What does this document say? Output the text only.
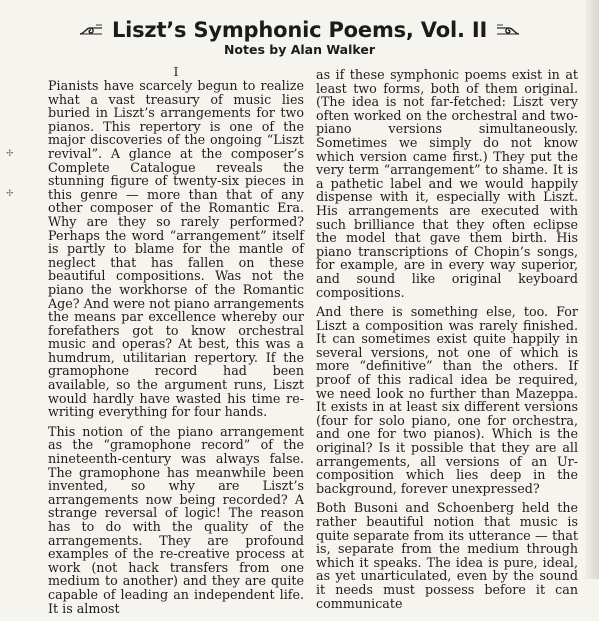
Liszt’s Symphonic Poems, Vol. II
Notes by Alan Walker
I

Pianists have scarcely begun to realize what a vast treasury of music lies buried in Liszt’s arrangements for two pianos. This repertory is one of the major discoveries of the ongoing “Liszt revival”. A glance at the composer’s Complete Catalogue reveals the stunning figure of twenty-six pieces in this genre — more than that of any other composer of the Romantic Era. Why are they so rarely performed? Perhaps the word “arrangement” itself is partly to blame for the mantle of neglect that has fallen on these beautiful compositions. Was not the piano the workhorse of the Romantic Age? And were not piano arrangements the means par excellence whereby our forefathers got to know orchestral music and operas? At best, this was a humdrum, utilitarian repertory. If the gramophone record had been available, so the argument runs, Liszt would hardly have wasted his time re-writing everything for four hands.

This notion of the piano arrangement as the “gramophone record” of the nineteenth-century was always false. The gramophone has meanwhile been invented, so why are Liszt’s arrangements now being recorded? A strange reversal of logic! The reason has to do with the quality of the arrangements. They are profound examples of the re-creative process at work (not hack transfers from one medium to another) and they are quite capable of leading an independent life. It is almost

as if these symphonic poems exist in at least two forms, both of them original. (The idea is not far-fetched: Liszt very often worked on the orchestral and two-piano versions simultaneously. Sometimes we simply do not know which version came first.) They put the very term “arrangement” to shame. It is a pathetic label and we would happily dispense with it, especially with Liszt. His arrangements are executed with such brilliance that they often eclipse the model that gave them birth. His piano transcriptions of Chopin’s songs, for example, are in every way superior, and sound like original keyboard compositions.

And there is something else, too. For Liszt a composition was rarely finished. It can sometimes exist quite happily in several versions, not one of which is more “definitive” than the others. If proof of this radical idea be required, we need look no further than Mazeppa. It exists in at least six different versions (four for solo piano, one for orchestra, and one for two pianos). Which is the original? Is it possible that they are all arrangements, all versions of an Ur-composition which lies deep in the background, forever unexpressed?

Both Busoni and Schoenberg held the rather beautiful notion that music is quite separate from its utterance — that is, separate from the medium through which it speaks. The idea is pure, ideal, as yet unarticulated, even by the sound it needs must possess before it can communicate

✢
✢
